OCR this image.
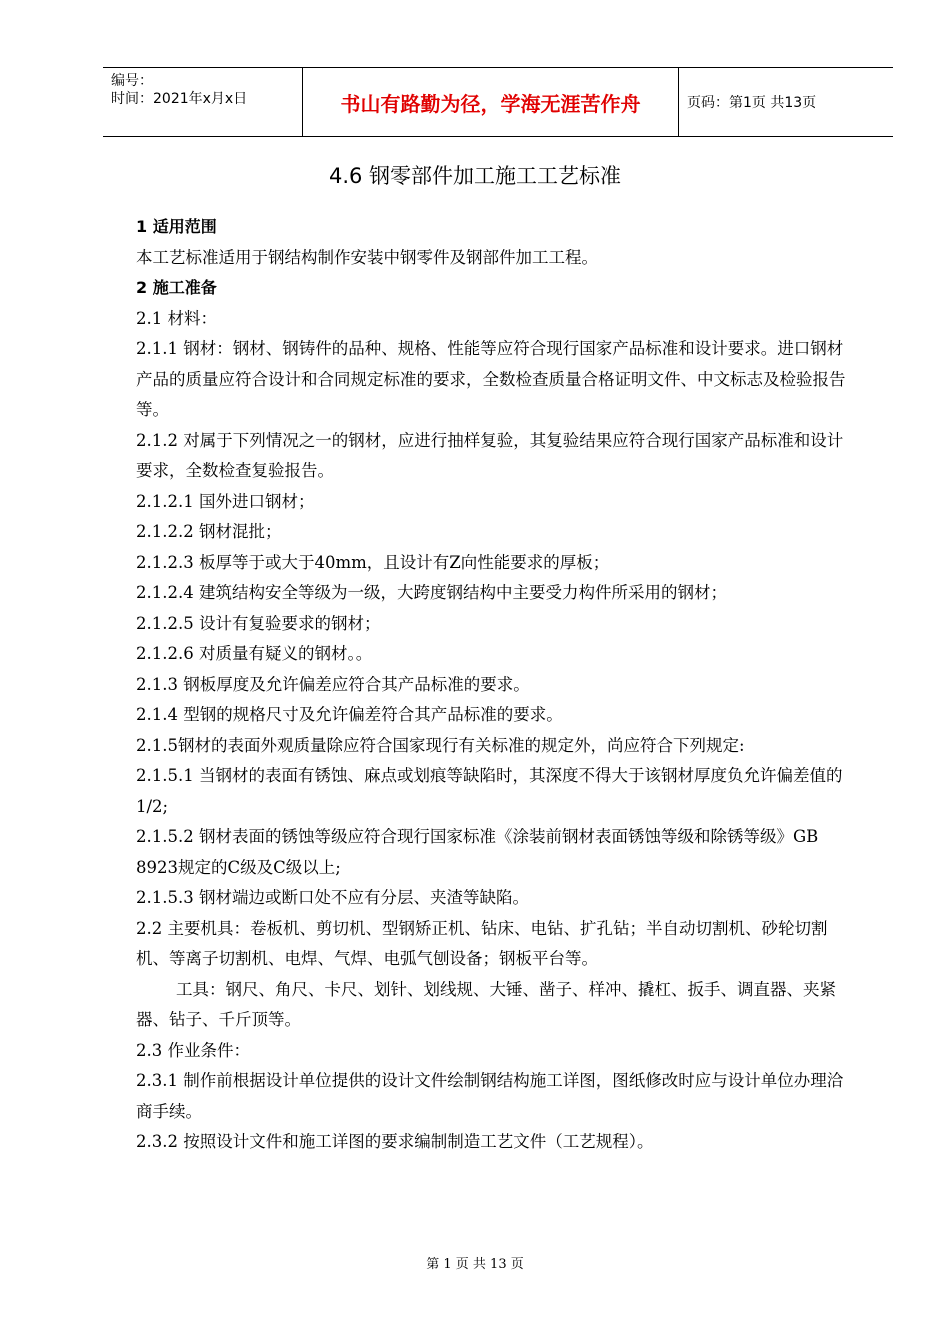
编号：
时间：2021年x月x日	书山有路勤为径，学海无涯苦作舟	页码：第1页 共13页
4.6 钢零部件加工施工工艺标准

1 适用范围

本工艺标准适用于钢结构制作安装中钢零件及钢部件加工工程。

2 施工准备

2.1 材料：

2.1.1 钢材：钢材、钢铸件的品种、规格、性能等应符合现行国家产品标准和设计要求。进口钢材产品的质量应符合设计和合同规定标准的要求，全数检查质量合格证明文件、中文标志及检验报告等。

2.1.2 对属于下列情况之一的钢材，应进行抽样复验，其复验结果应符合现行国家产品标准和设计要求，全数检查复验报告。

2.1.2.1 国外进口钢材；

2.1.2.2 钢材混批；

2.1.2.3 板厚等于或大于40mm，且设计有Z向性能要求的厚板；

2.1.2.4 建筑结构安全等级为一级，大跨度钢结构中主要受力构件所采用的钢材；

2.1.2.5 设计有复验要求的钢材；

2.1.2.6 对质量有疑义的钢材。。

2.1.3 钢板厚度及允许偏差应符合其产品标准的要求。

2.1.4 型钢的规格尺寸及允许偏差符合其产品标准的要求。

2.1.5钢材的表面外观质量除应符合国家现行有关标准的规定外，尚应符合下列规定:

2.1.5.1 当钢材的表面有锈蚀、麻点或划痕等缺陷时，其深度不得大于该钢材厚度负允许偏差值的1/2;

2.1.5.2 钢材表面的锈蚀等级应符合现行国家标准《涂装前钢材表面锈蚀等级和除锈等级》GB 8923规定的C级及C级以上;

2.1.5.3 钢材端边或断口处不应有分层、夹渣等缺陷。

2.2 主要机具：卷板机、剪切机、型钢矫正机、钻床、电钻、扩孔钻；半自动切割机、砂轮切割机、等离子切割机、电焊、气焊、电弧气刨设备；钢板平台等。

工具：钢尺、角尺、卡尺、划针、划线规、大锤、凿子、样冲、撬杠、扳手、调直器、夹紧器、钻子、千斤顶等。

2.3 作业条件：

2.3.1 制作前根据设计单位提供的设计文件绘制钢结构施工详图，图纸修改时应与设计单位办理洽商手续。

2.3.2 按照设计文件和施工详图的要求编制制造工艺文件（工艺规程）。

第 1 页 共 13 页
